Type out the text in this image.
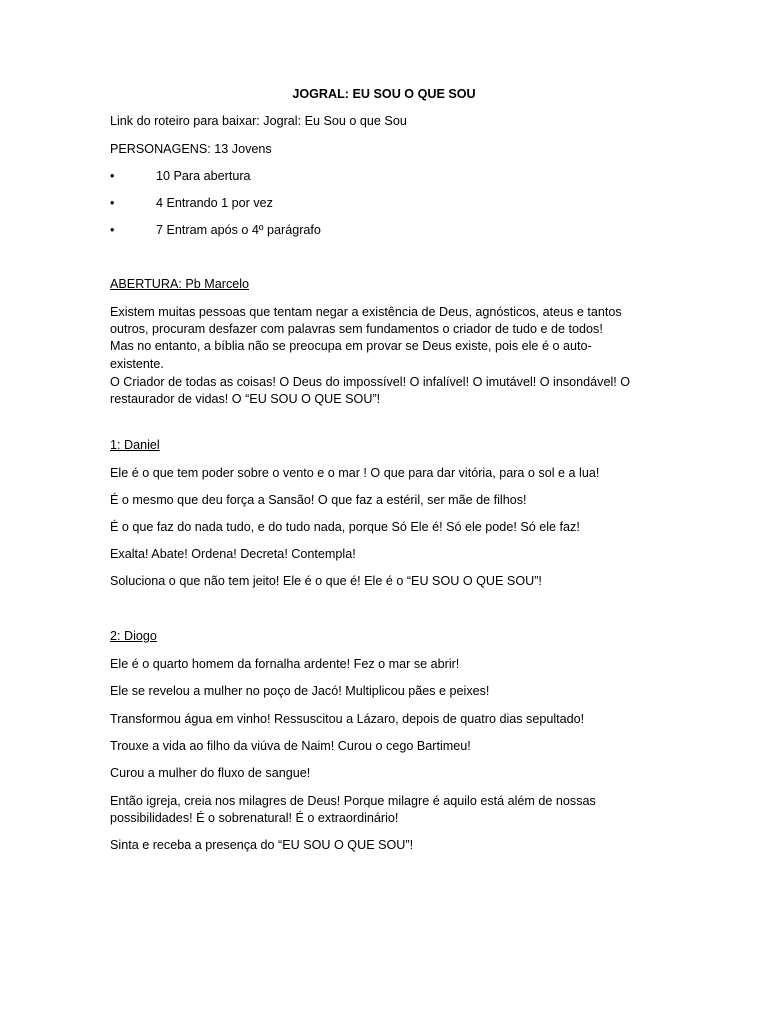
JOGRAL: EU SOU O QUE SOU
Link do roteiro para baixar: Jogral: Eu Sou o que Sou
PERSONAGENS: 13 Jovens
•	10 Para abertura
•	4 Entrando 1 por vez
•	7 Entram após o 4º parágrafo
ABERTURA: Pb Marcelo
Existem muitas pessoas que tentam negar a existência de Deus, agnósticos, ateus e tantos
outros, procuram desfazer com palavras sem fundamentos o criador de tudo e de todos!
Mas no entanto, a bíblia não se preocupa em provar se Deus existe, pois ele é o auto-
existente.
O Criador de todas as coisas! O Deus do impossível! O infalível! O imutável! O insondável! O
restaurador de vidas! O “EU SOU O QUE SOU”!
1: Daniel
Ele é o que tem poder sobre o vento e o mar ! O que para dar vitória, para o sol e a lua!
É o mesmo que deu força a Sansão! O que faz a estéril, ser mãe de filhos!
É o que faz do nada tudo, e do tudo nada, porque Só Ele é! Só ele pode! Só ele faz!
Exalta! Abate! Ordena! Decreta! Contempla!
Soluciona o que não tem jeito! Ele é o que é! Ele é o “EU SOU O QUE SOU”!
2: Diogo
Ele é o quarto homem da fornalha ardente! Fez o mar se abrir!
Ele se revelou a mulher no poço de Jacó! Multiplicou pães e peixes!
Transformou água em vinho! Ressuscitou a Lázaro, depois de quatro dias sepultado!
Trouxe a vida ao filho da viúva de Naim! Curou o cego Bartimeu!
Curou a mulher do fluxo de sangue!
Então igreja, creia nos milagres de Deus! Porque milagre é aquilo está além de nossas
possibilidades! É o sobrenatural! É o extraordinário!
Sinta e receba a presença do “EU SOU O QUE SOU”!
